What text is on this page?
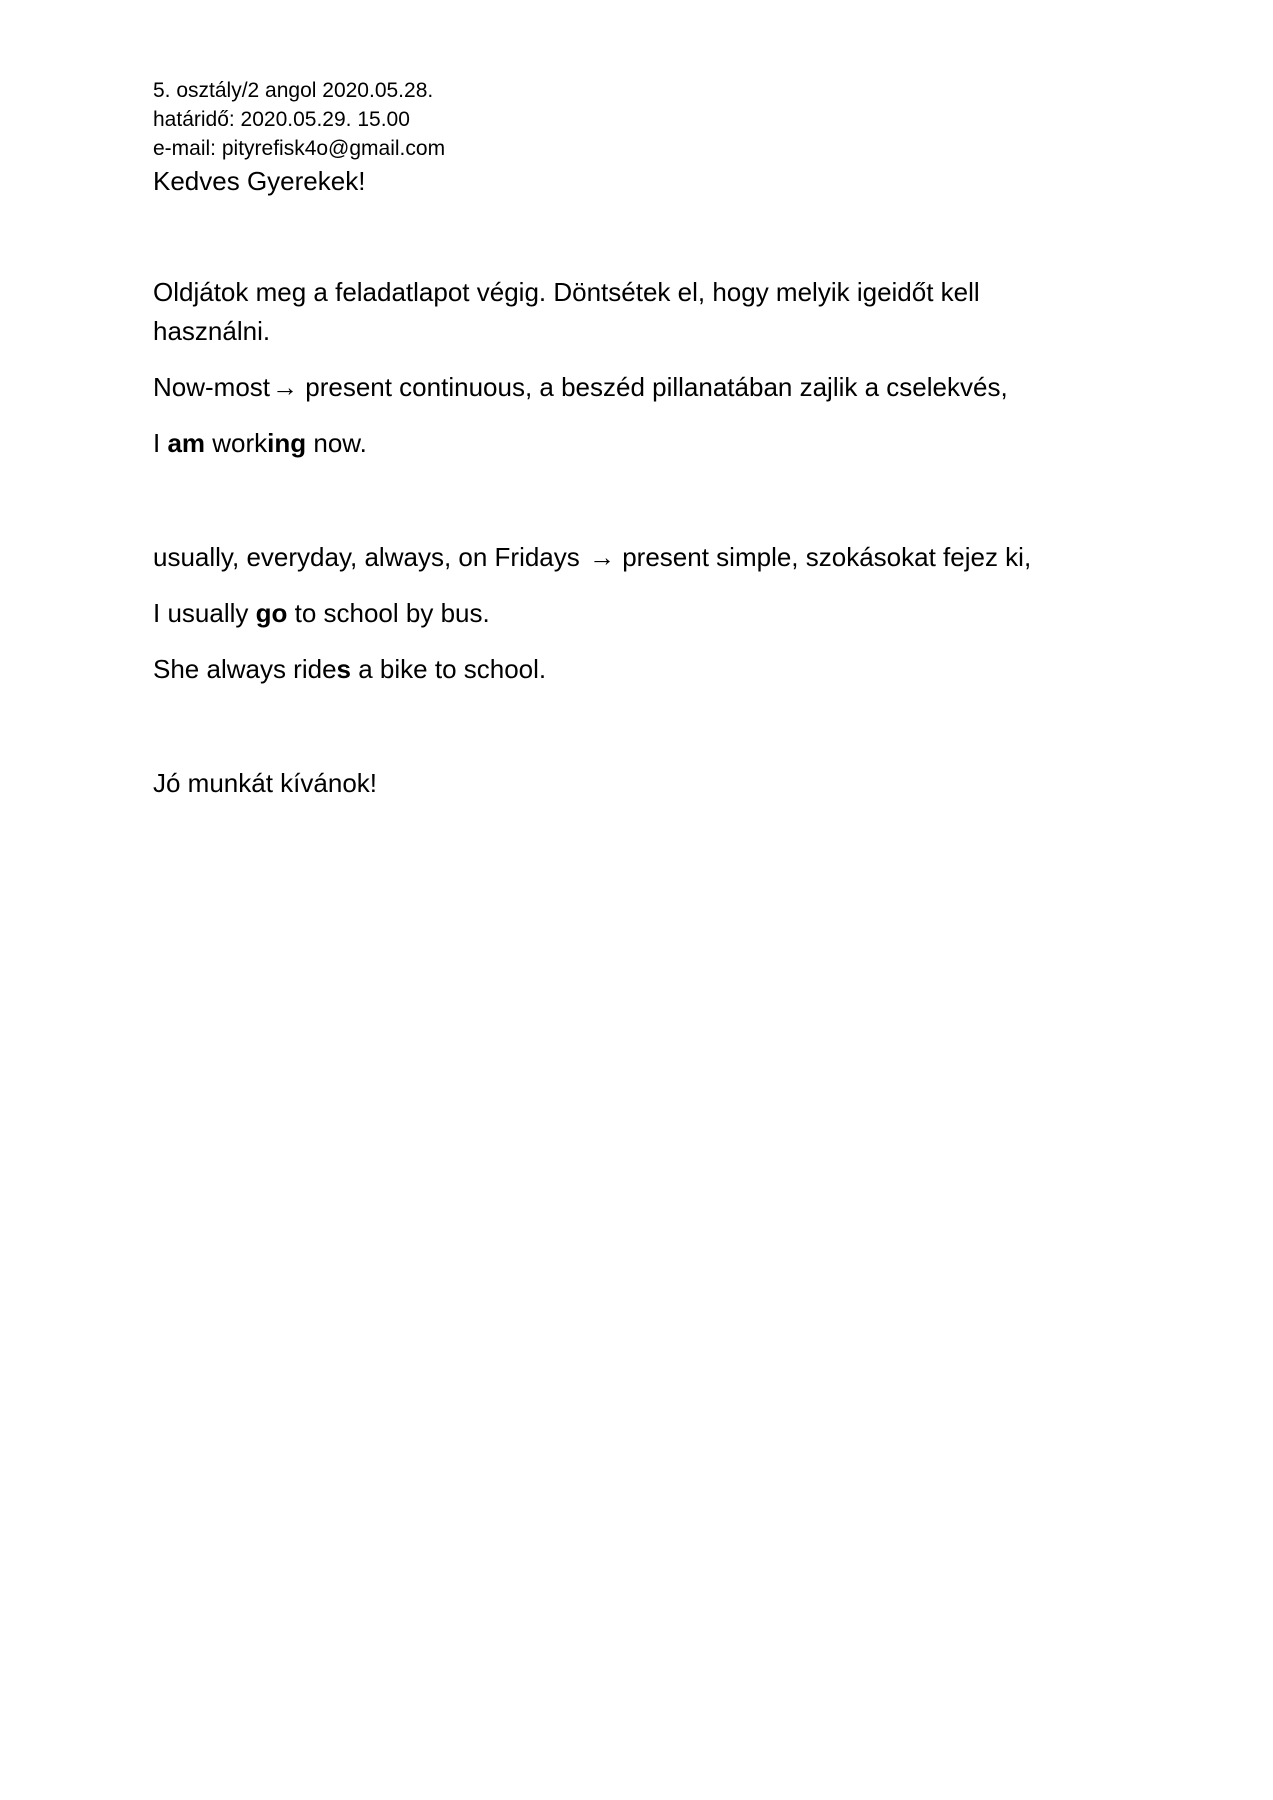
5. osztály/2 angol 2020.05.28.
határidő: 2020.05.29. 15.00
e-mail: pityrefisk4o@gmail.com
Kedves Gyerekek!
Oldjátok meg a feladatlapot végig. Döntsétek el, hogy melyik igeidőt kell használni.
Now-most→ present continuous, a beszéd pillanatában zajlik a cselekvés,
I am working now.
usually, everyday, always, on Fridays → present simple, szokásokat fejez ki,
I usually go to school by bus.
She always rides a bike to school.
Jó munkát kívánok!
